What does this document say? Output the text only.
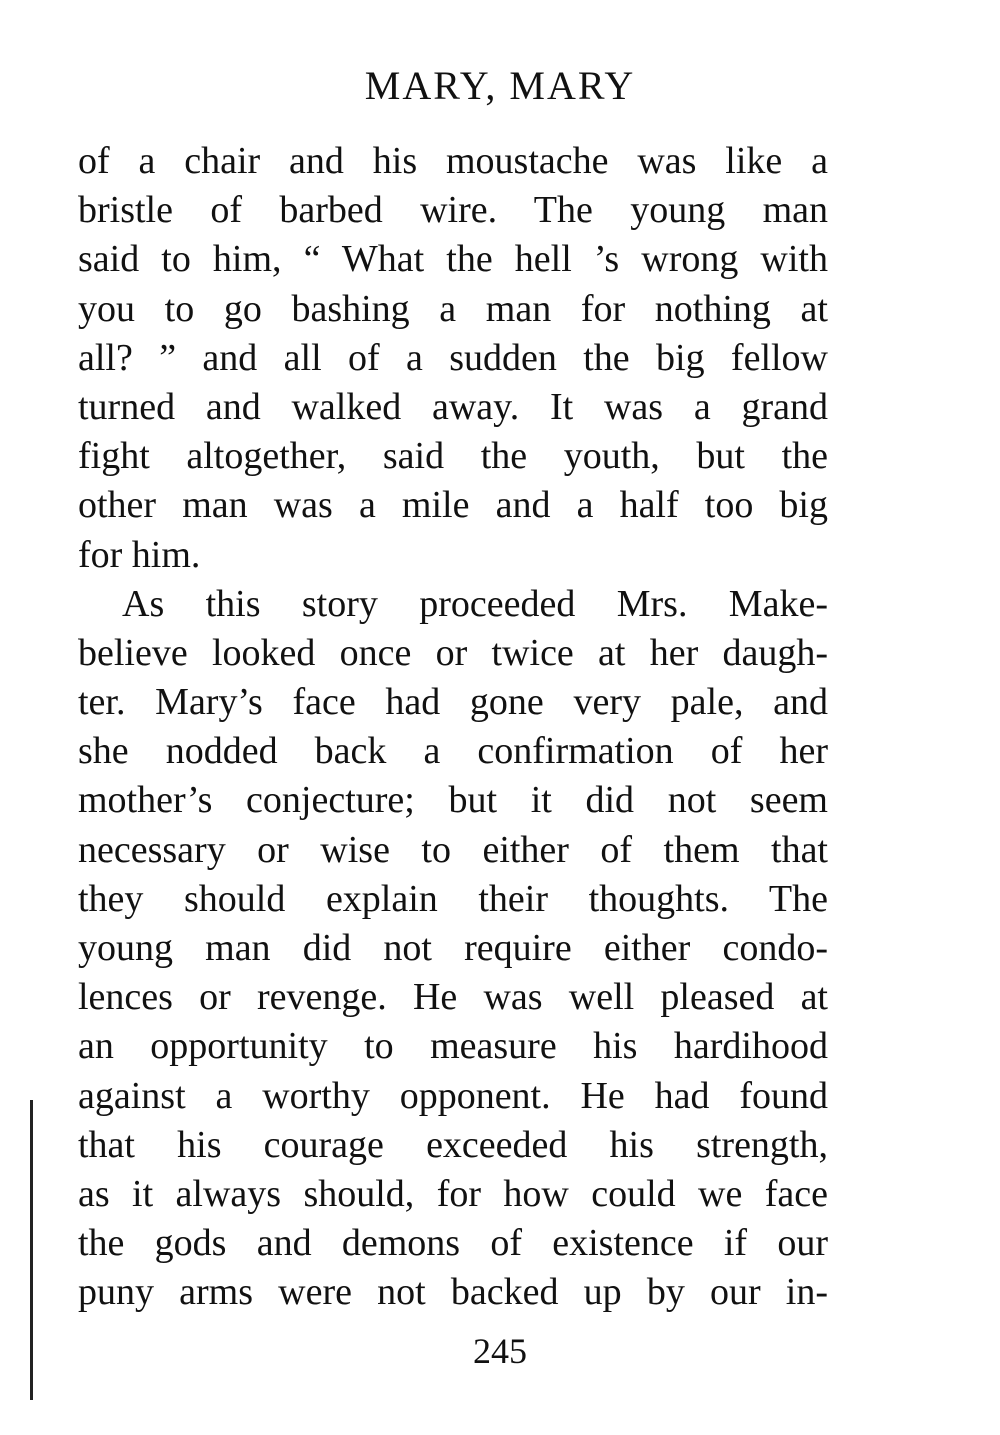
MARY, MARY
of a chair and his moustache was like a
bristle of barbed wire. The young man
said to him, “ What the hell ’s wrong with
you to go bashing a man for nothing at
all? ” and all of a sudden the big fellow
turned and walked away. It was a grand
fight altogether, said the youth, but the
other man was a mile and a half too big
for him.
As this story proceeded Mrs. Make-
believe looked once or twice at her daugh-
ter. Mary’s face had gone very pale, and
she nodded back a confirmation of her
mother’s conjecture; but it did not seem
necessary or wise to either of them that
they should explain their thoughts. The
young man did not require either condo-
lences or revenge. He was well pleased at
an opportunity to measure his hardihood
against a worthy opponent. He had found
that his courage exceeded his strength,
as it always should, for how could we face
the gods and demons of existence if our
puny arms were not backed up by our in-
245
